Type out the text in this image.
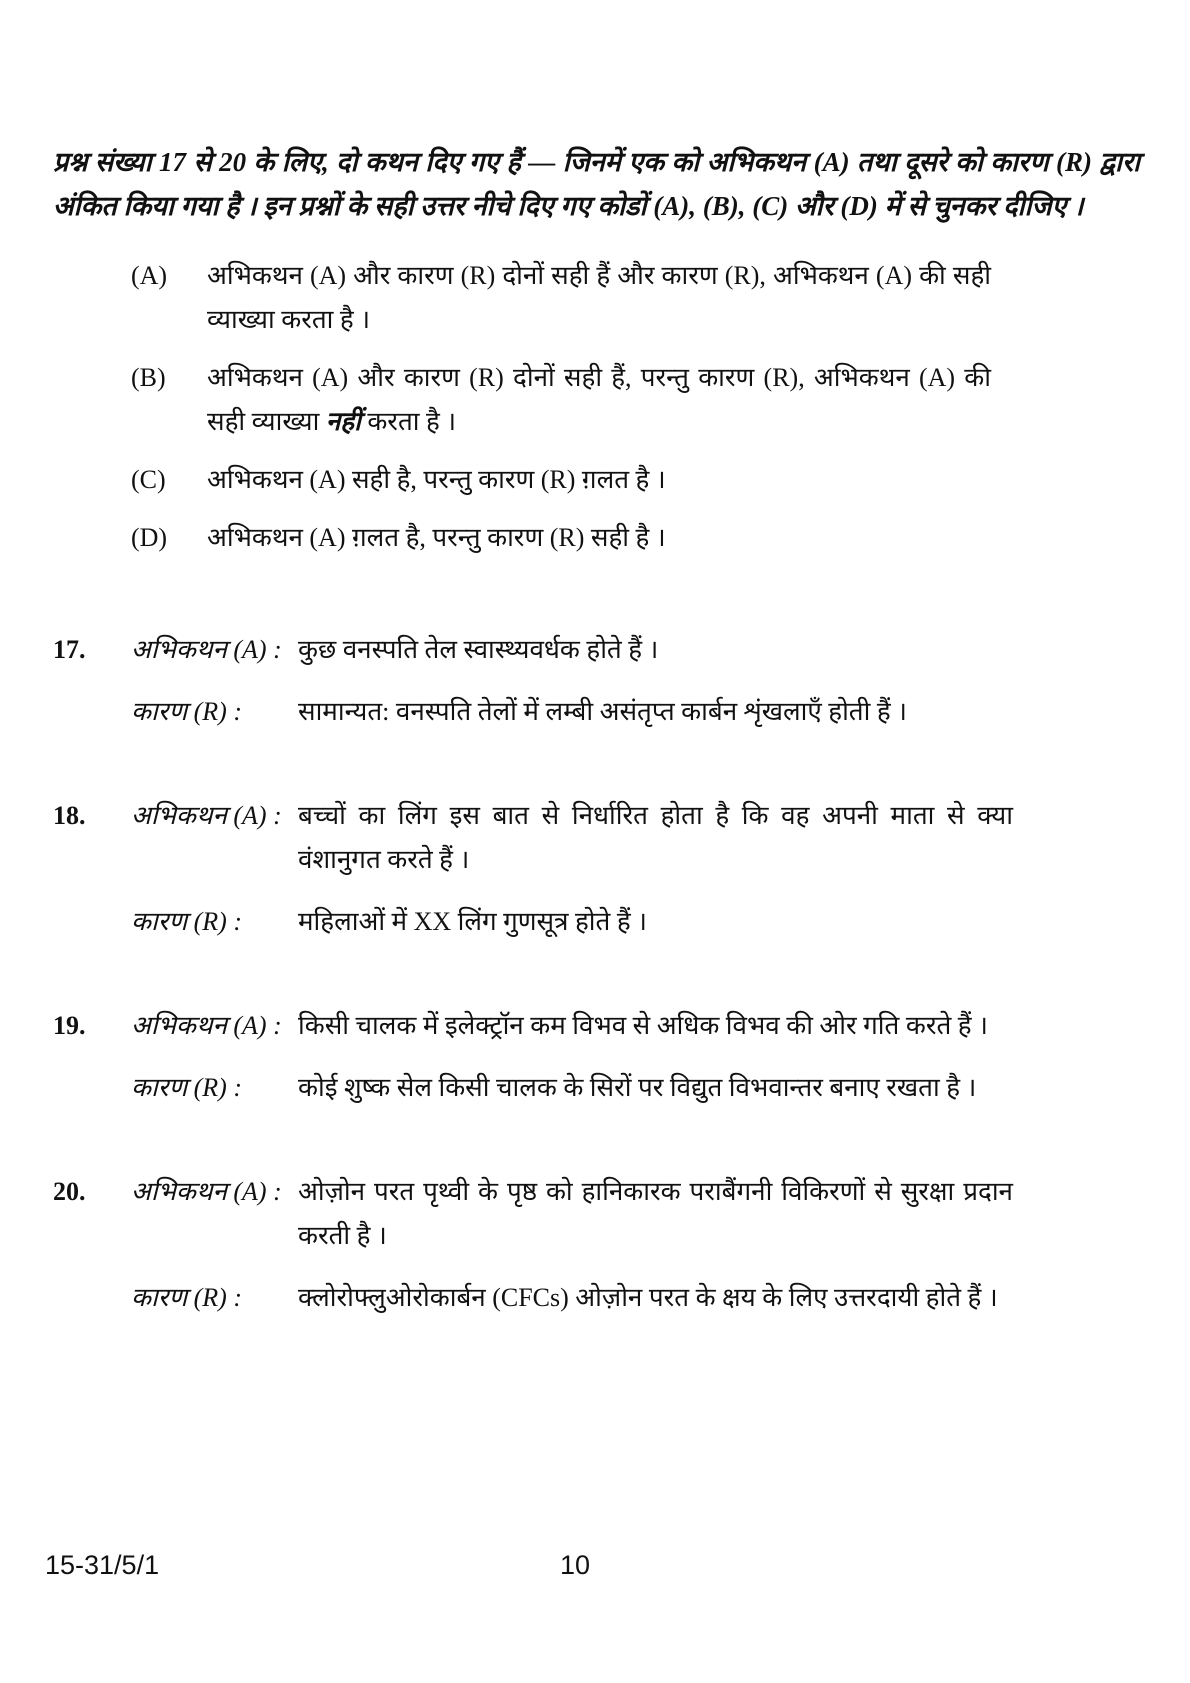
प्रश्न संख्या 17 से 20 के लिए, दो कथन दिए गए हैं — जिनमें एक को अभिकथन (A) तथा दूसरे को कारण (R) द्वारा अंकित किया गया है । इन प्रश्नों के सही उत्तर नीचे दिए गए कोडों (A), (B), (C) और (D) में से चुनकर दीजिए ।

(A)	अभिकथन (A) और कारण (R) दोनों सही हैं और कारण (R), अभिकथन (A) की सही व्याख्या करता है ।
(B)	अभिकथन (A) और कारण (R) दोनों सही हैं, परन्तु कारण (R), अभिकथन (A) की सही व्याख्या नहीं करता है ।
(C)	अभिकथन (A) सही है, परन्तु कारण (R) ग़लत है ।
(D)	अभिकथन (A) ग़लत है, परन्तु कारण (R) सही है ।
17.	अभिकथन (A) : कुछ वनस्पति तेल स्वास्थ्यवर्धक होते हैं ।
कारण (R) :	सामान्यत: वनस्पति तेलों में लम्बी असंतृप्त कार्बन शृंखलाएँ होती हैं ।
18.	अभिकथन (A) : बच्चों का लिंग इस बात से निर्धारित होता है कि वह अपनी माता से क्या वंशानुगत करते हैं ।
कारण (R) :	महिलाओं में XX लिंग गुणसूत्र होते हैं ।
19.	अभिकथन (A) : किसी चालक में इलेक्ट्रॉन कम विभव से अधिक विभव की ओर गति करते हैं ।
कारण (R) :	कोई शुष्क सेल किसी चालक के सिरों पर विद्युत विभवान्तर बनाए रखता है ।
20.	अभिकथन (A) : ओज़ोन परत पृथ्वी के पृष्ठ को हानिकारक पराबैंगनी विकिरणों से सुरक्षा प्रदान करती है ।
कारण (R) :	क्लोरोफ्लुओरोकार्बन (CFCs) ओज़ोन परत के क्षय के लिए उत्तरदायी होते हैं ।
15-31/5/1	10
